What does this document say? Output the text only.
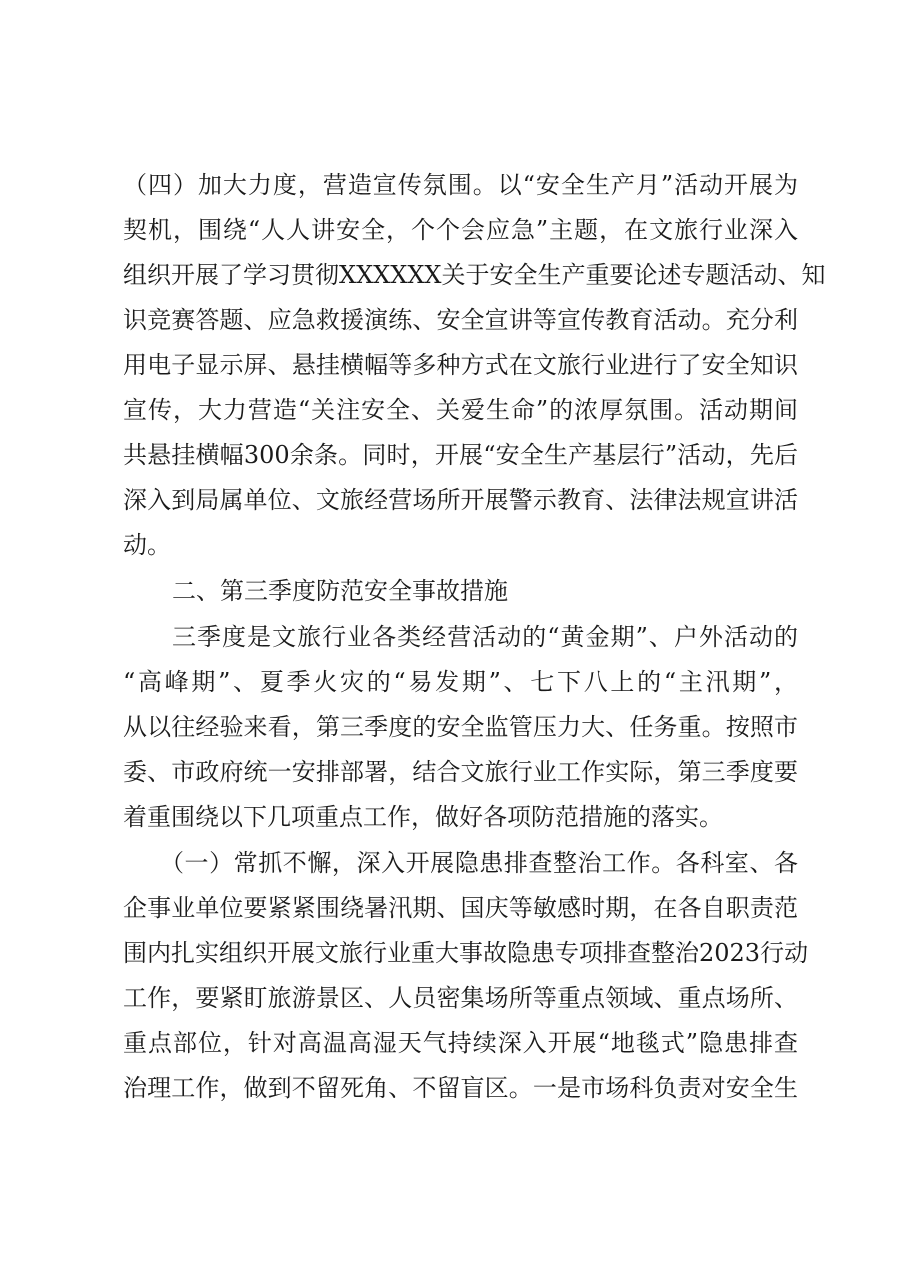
（四）加大力度，营造宣传氛围。以“安全生产月”活动开展为
契机，围绕“人人讲安全，个个会应急”主题，在文旅行业深入
组织开展了学习贯彻XXXXXX关于安全生产重要论述专题活动、知
识竞赛答题、应急救援演练、安全宣讲等宣传教育活动。充分利
用电子显示屏、悬挂横幅等多种方式在文旅行业进行了安全知识
宣传，大力营造“关注安全、关爱生命”的浓厚氛围。活动期间
共悬挂横幅300余条。同时，开展“安全生产基层行”活动，先后
深入到局属单位、文旅经营场所开展警示教育、法律法规宣讲活
动。
二、第三季度防范安全事故措施
三季度是文旅行业各类经营活动的“黄金期”、户外活动的
“高峰期”、夏季火灾的“易发期”、七下八上的“主汛期”，
从以往经验来看，第三季度的安全监管压力大、任务重。按照市
委、市政府统一安排部署，结合文旅行业工作实际，第三季度要
着重围绕以下几项重点工作，做好各项防范措施的落实。
（一）常抓不懈，深入开展隐患排查整治工作。各科室、各
企事业单位要紧紧围绕暑汛期、国庆等敏感时期，在各自职责范
围内扎实组织开展文旅行业重大事故隐患专项排查整治2023行动
工作，要紧盯旅游景区、人员密集场所等重点领域、重点场所、
重点部位，针对高温高湿天气持续深入开展“地毯式”隐患排查
治理工作，做到不留死角、不留盲区。一是市场科负责对安全生
